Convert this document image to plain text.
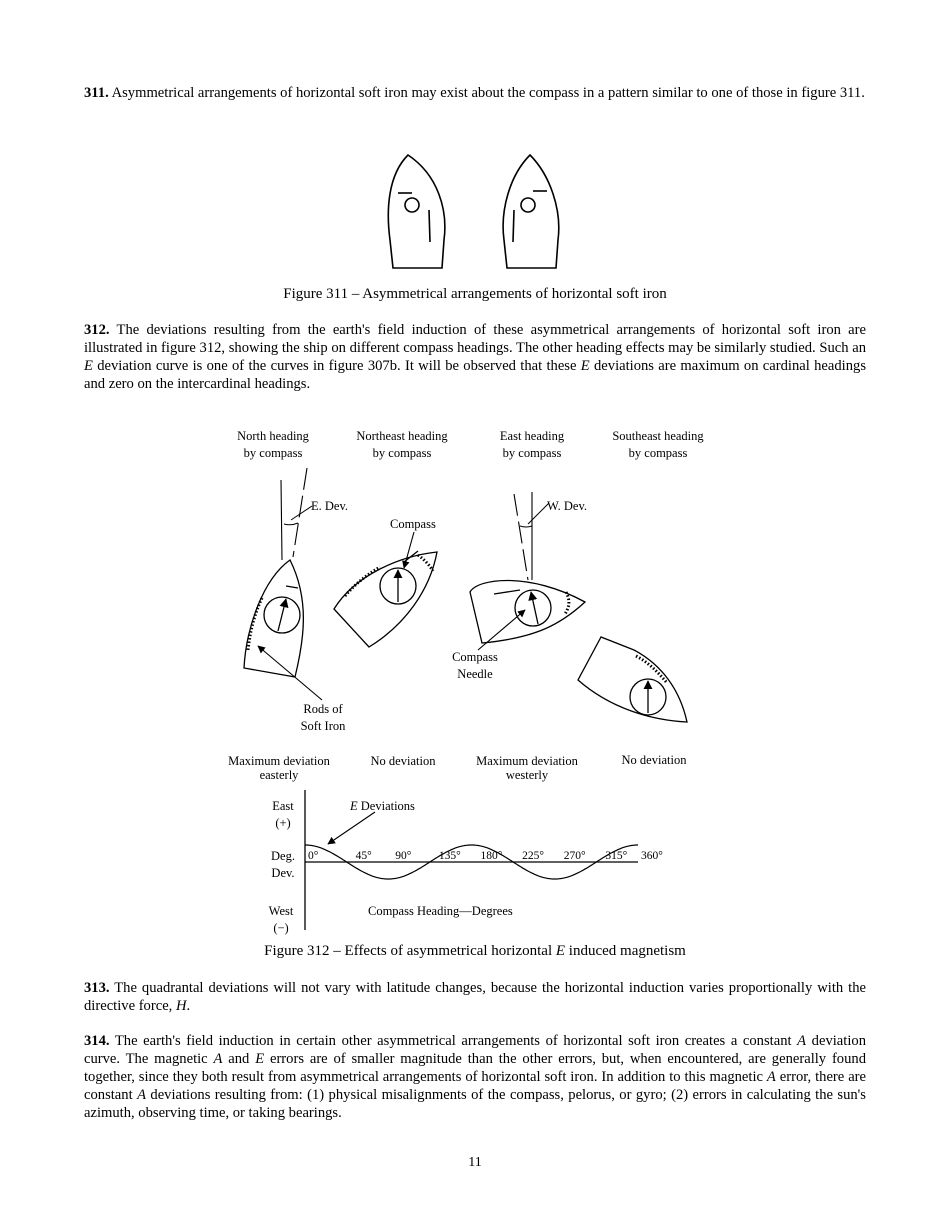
311. Asymmetrical arrangements of horizontal soft iron may exist about the compass in a pattern similar to one of those in figure 311.

Figure 311 – Asymmetrical arrangements of horizontal soft iron

312. The deviations resulting from the earth's field induction of these asymmetrical arrangements of horizontal soft iron are illustrated in figure 312, showing the ship on different compass headings. The other heading effects may be similarly studied. Such an E deviation curve is one of the curves in figure 307b. It will be observed that these E deviations are maximum on cardinal headings and zero on the intercardinal headings.

North heading
by compass
Northeast heading
by compass
East heading
by compass
Southeast heading
by compass
E. Dev.	W. Dev.
Compass
Compass
Needle
Rods of
Soft Iron
Maximum deviation
easterly
No deviation	Maximum deviation
westerly
No deviation
East
(+)
Deg.
Dev.
West
(−)
E Deviations
Compass Heading—Degrees
0°	45° 90° 135° 180° 225° 270° 315° 360°
Figure 312 – Effects of asymmetrical horizontal E induced magnetism

313. The quadrantal deviations will not vary with latitude changes, because the horizontal induction varies proportionally with the directive force, H.

314. The earth's field induction in certain other asymmetrical arrangements of horizontal soft iron creates a constant A deviation curve. The magnetic A and E errors are of smaller magnitude than the other errors, but, when encountered, are generally found together, since they both result from asymmetrical arrangements of horizontal soft iron. In addition to this magnetic A error, there are constant A deviations resulting from: (1) physical misalignments of the compass, pelorus, or gyro; (2) errors in calculating the sun's azimuth, observing time, or taking bearings.

11
